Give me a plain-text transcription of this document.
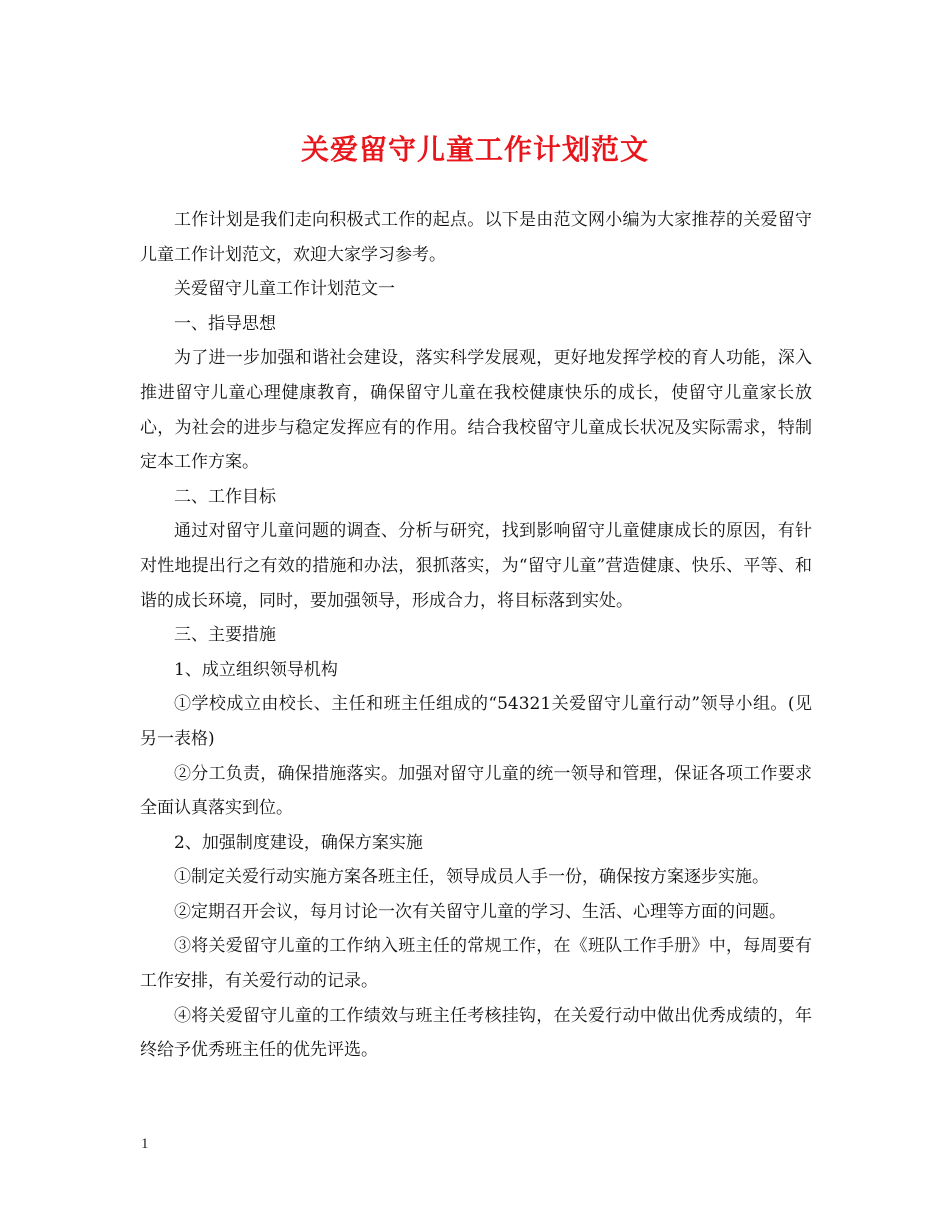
关爱留守儿童工作计划范文

工作计划是我们走向积极式工作的起点。以下是由范文网小编为大家推荐的关爱留守儿童工作计划范文，欢迎大家学习参考。

关爱留守儿童工作计划范文一

一、指导思想

为了进一步加强和谐社会建设，落实科学发展观，更好地发挥学校的育人功能，深入推进留守儿童心理健康教育，确保留守儿童在我校健康快乐的成长，使留守儿童家长放心，为社会的进步与稳定发挥应有的作用。结合我校留守儿童成长状况及实际需求，特制定本工作方案。

二、工作目标

通过对留守儿童问题的调查、分析与研究，找到影响留守儿童健康成长的原因，有针对性地提出行之有效的措施和办法，狠抓落实，为“留守儿童”营造健康、快乐、平等、和谐的成长环境，同时，要加强领导，形成合力，将目标落到实处。

三、主要措施

1、成立组织领导机构

①学校成立由校长、主任和班主任组成的“54321关爱留守儿童行动”领导小组。(见另一表格)

②分工负责，确保措施落实。加强对留守儿童的统一领导和管理，保证各项工作要求全面认真落实到位。

2、加强制度建设，确保方案实施

①制定关爱行动实施方案各班主任，领导成员人手一份，确保按方案逐步实施。

②定期召开会议，每月讨论一次有关留守儿童的学习、生活、心理等方面的问题。

③将关爱留守儿童的工作纳入班主任的常规工作，在《班队工作手册》中，每周要有工作安排，有关爱行动的记录。

④将关爱留守儿童的工作绩效与班主任考核挂钩，在关爱行动中做出优秀成绩的，年终给予优秀班主任的优先评选。

1
